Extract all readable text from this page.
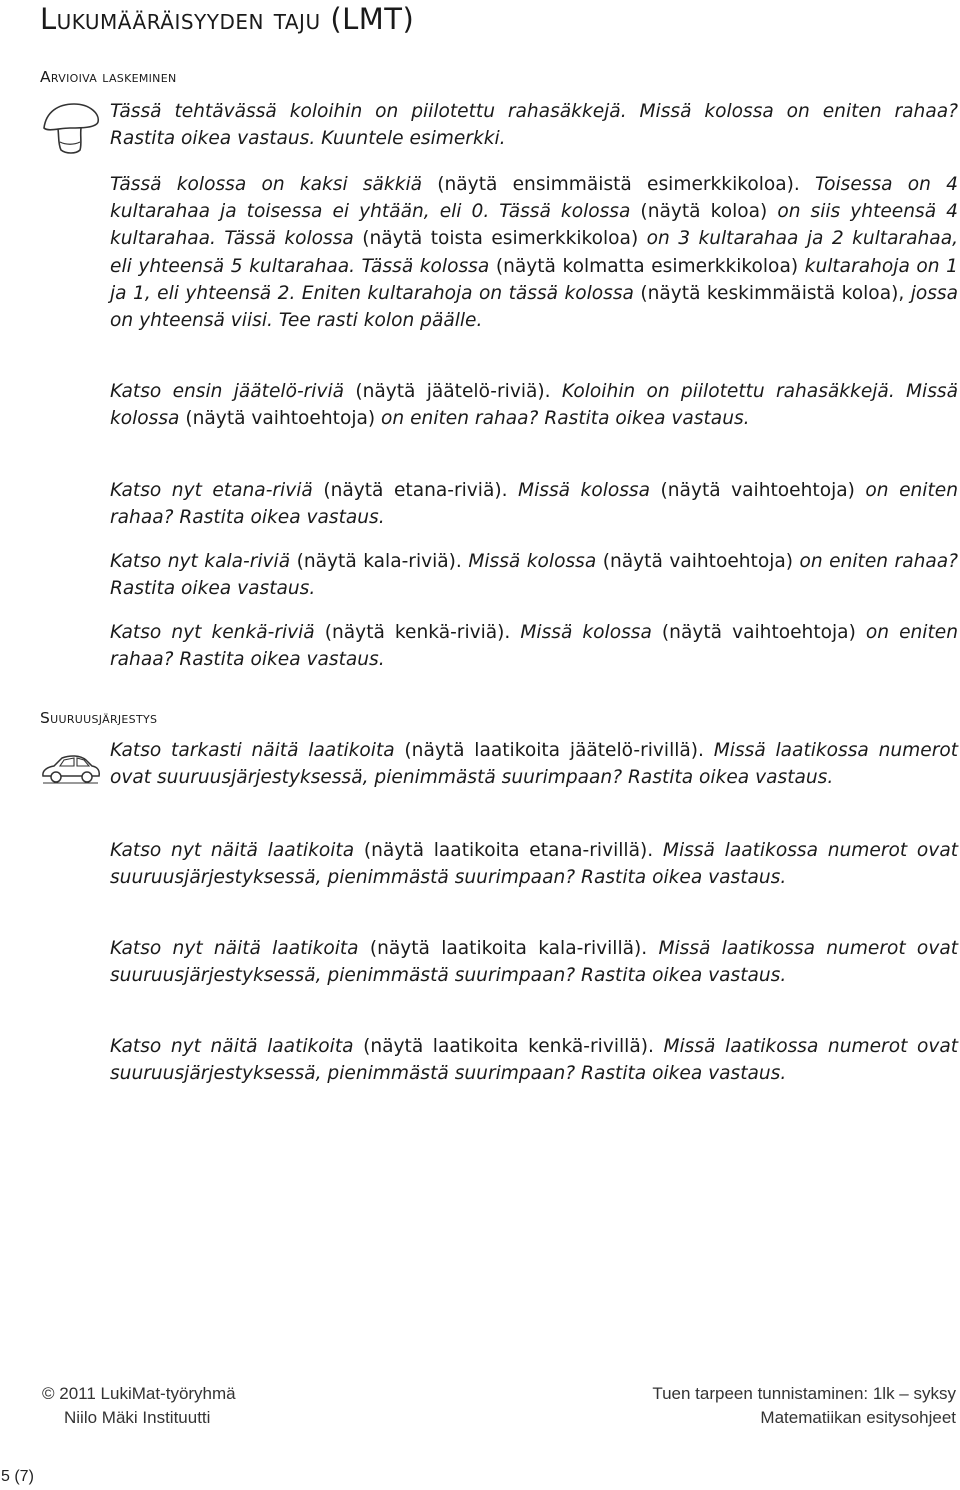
Lukumääräisyyden taju (LMT)
Arvioiva laskeminen

Tässä tehtävässä koloihin on piilotettu rahasäkkejä. Missä kolossa on eniten rahaa? Rastita oikea vastaus. Kuuntele esimerkki.

Tässä kolossa on kaksi säkkiä (näytä ensimmäistä esimerkkikoloa). Toisessa on 4 kultarahaa ja toisessa ei yhtään, eli 0. Tässä kolossa (näytä koloa) on siis yhteensä 4 kultarahaa. Tässä kolossa (näytä toista esimerkkikoloa) on 3 kultarahaa ja 2 kultarahaa, eli yhteensä 5 kultarahaa. Tässä kolossa (näytä kolmatta esimerkkikoloa) kultarahoja on 1 ja 1, eli yhteensä 2. Eniten kultarahoja on tässä kolossa (näytä keskimmäistä koloa), jossa on yhteensä viisi. Tee rasti kolon päälle.

Katso ensin jäätelö-riviä (näytä jäätelö-riviä). Koloihin on piilotettu rahasäkkejä. Missä kolossa (näytä vaihtoehtoja) on eniten rahaa? Rastita oikea vastaus.

Katso nyt etana-riviä (näytä etana-riviä). Missä kolossa (näytä vaihtoehtoja) on eniten rahaa? Rastita oikea vastaus.

Katso nyt kala-riviä (näytä kala-riviä). Missä kolossa (näytä vaihtoehtoja) on eniten rahaa? Rastita oikea vastaus.

Katso nyt kenkä-riviä (näytä kenkä-riviä). Missä kolossa (näytä vaihtoehtoja) on eniten rahaa? Rastita oikea vastaus.

Suuruusjärjestys

Katso tarkasti näitä laatikoita (näytä laatikoita jäätelö-rivillä). Missä laatikossa numerot ovat suuruusjärjestyksessä, pienimmästä suurimpaan? Rastita oikea vastaus.

Katso nyt näitä laatikoita (näytä laatikoita etana-rivillä). Missä laatikossa numerot ovat suuruusjärjestyksessä, pienimmästä suurimpaan? Rastita oikea vastaus.

Katso nyt näitä laatikoita (näytä laatikoita kala-rivillä). Missä laatikossa numerot ovat suuruusjärjestyksessä, pienimmästä suurimpaan? Rastita oikea vastaus.

Katso nyt näitä laatikoita (näytä laatikoita kenkä-rivillä). Missä laatikossa numerot ovat suuruusjärjestyksessä, pienimmästä suurimpaan? Rastita oikea vastaus.

© 2011 LukiMat-työryhmä
Niilo Mäki Instituutti
Tuen tarpeen tunnistaminen: 1lk – syksy
Matematiikan esitysohjeet
5 (7)
